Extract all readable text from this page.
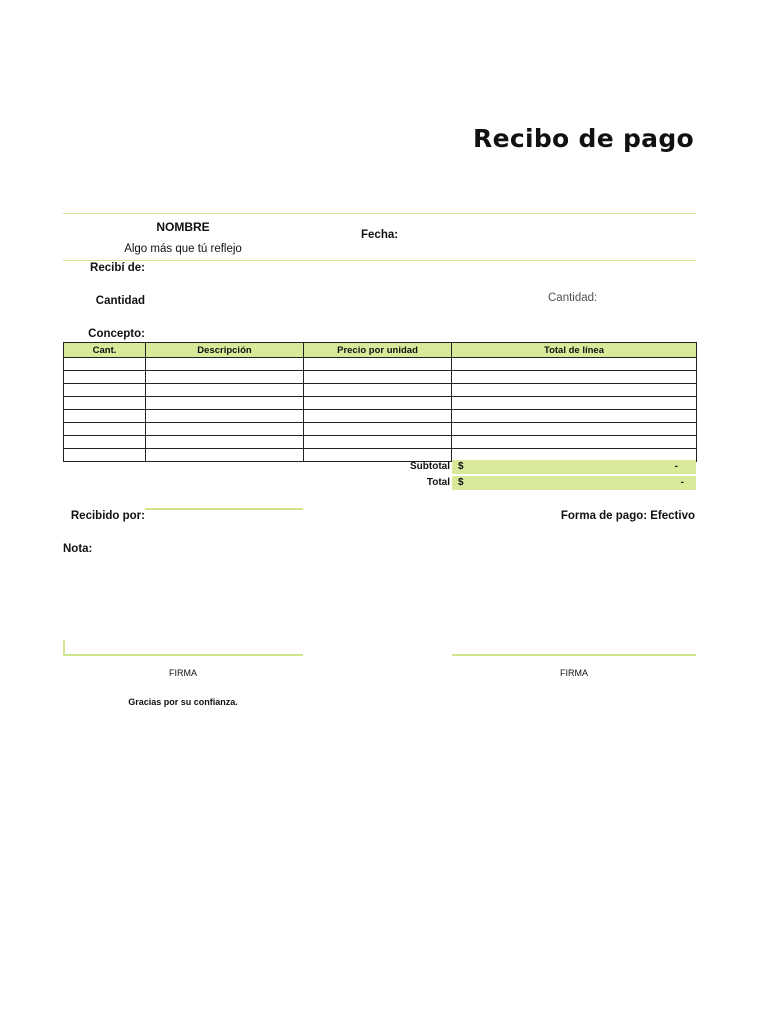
Recibo de pago
NOMBRE
Algo más que tú reflejo
Fecha:
Recibí de:
Cantidad	Cantidad:
Concepto:
Cant.	Descripción	Precio por unidad	Total de línea

Subtotal $	-
Total $	-
Recibido por:	Forma de pago: Efectivo
Nota:
FIRMA	FIRMA
Gracias por su confianza.
